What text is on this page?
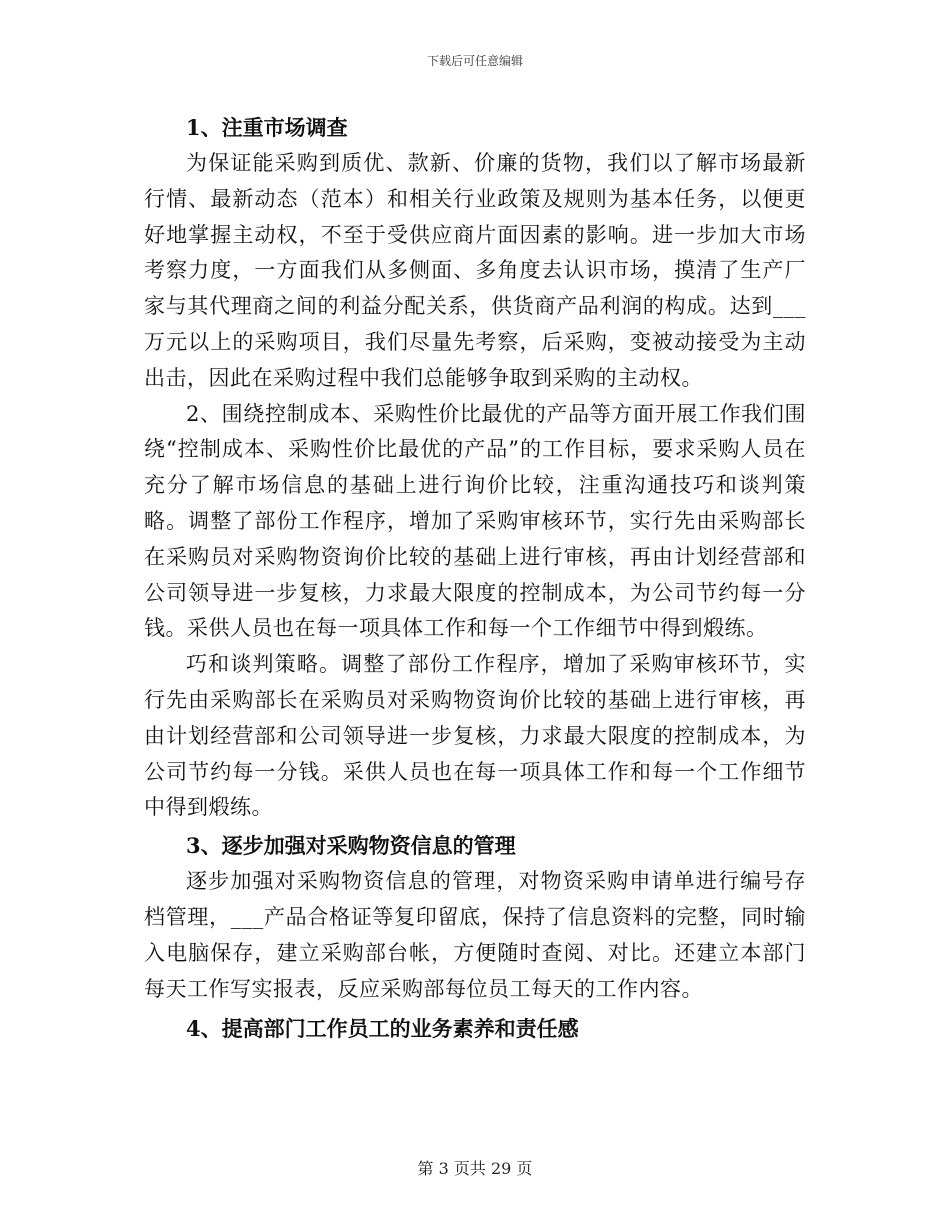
下载后可任意编辑

1、注重市场调查

为保证能采购到质优、款新、价廉的货物，我们以了解市场最新行情、最新动态（范本）和相关行业政策及规则为基本任务，以便更好地掌握主动权，不至于受供应商片面因素的影响。进一步加大市场考察力度，一方面我们从多侧面、多角度去认识市场，摸清了生产厂家与其代理商之间的利益分配关系，供货商产品利润的构成。达到___万元以上的采购项目，我们尽量先考察，后采购，变被动接受为主动出击，因此在采购过程中我们总能够争取到采购的主动权。

2、围绕控制成本、采购性价比最优的产品等方面开展工作我们围绕“控制成本、采购性价比最优的产品”的工作目标，要求采购人员在充分了解市场信息的基础上进行询价比较，注重沟通技巧和谈判策略。调整了部份工作程序，增加了采购审核环节，实行先由采购部长在采购员对采购物资询价比较的基础上进行审核，再由计划经营部和公司领导进一步复核，力求最大限度的控制成本，为公司节约每一分钱。采供人员也在每一项具体工作和每一个工作细节中得到煅练。

巧和谈判策略。调整了部份工作程序，增加了采购审核环节，实行先由采购部长在采购员对采购物资询价比较的基础上进行审核，再由计划经营部和公司领导进一步复核，力求最大限度的控制成本，为公司节约每一分钱。采供人员也在每一项具体工作和每一个工作细节中得到煅练。

3、逐步加强对采购物资信息的管理

逐步加强对采购物资信息的管理，对物资采购申请单进行编号存档管理，___产品合格证等复印留底，保持了信息资料的完整，同时输入电脑保存，建立采购部台帐，方便随时查阅、对比。还建立本部门每天工作写实报表，反应采购部每位员工每天的工作内容。

4、提高部门工作员工的业务素养和责任感

第 3 页共 29 页
